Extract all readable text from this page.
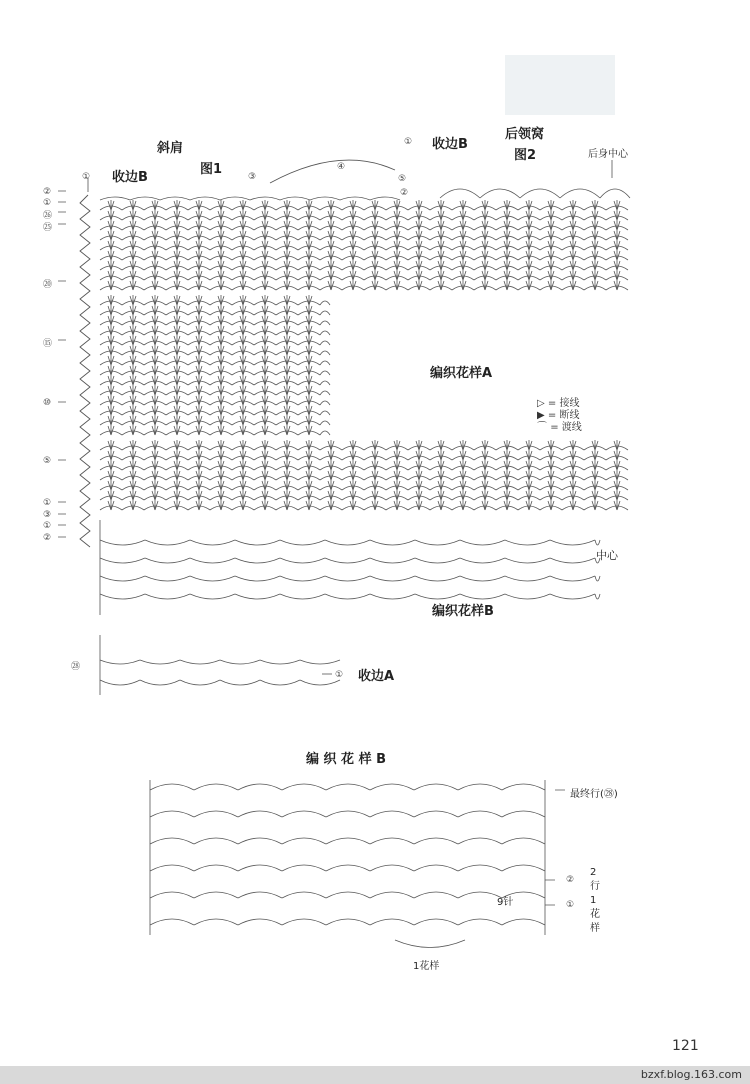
斜肩
图1
收边B
收边B
后领窝
图2	后身中心
编织花样A
中心
编织花样B
收边A
编 织 花 样 B
▷ = 接线
▶ = 断线
⌒ = 渡线
②
①
㉖
㉕
⑳
⑮
⑩
⑤
①
③
①
②
㉘
①
①
①
②
③
④
⑤
最终行(㉘)
②
①
2行1花样
9针
1花样
121
bzxf.blog.163.com
